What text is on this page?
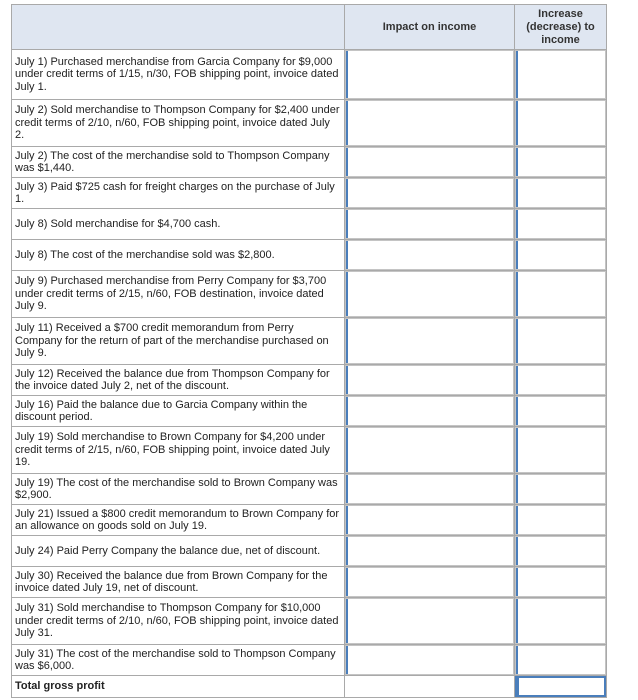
	Impact on income	Increase (decrease) to income
July 1) Purchased merchandise from Garcia Company for $9,000 under credit terms of 1/15, n/30, FOB shipping point, invoice dated July 1.	

July 2) Sold merchandise to Thompson Company for $2,400 under credit terms of 2/10, n/60, FOB shipping point, invoice dated July 2.	

July 2) The cost of the merchandise sold to Thompson Company was $1,440.	

July 3) Paid $725 cash for freight charges on the purchase of July 1.	

July 8) Sold merchandise for $4,700 cash.	

July 8) The cost of the merchandise sold was $2,800.	

July 9) Purchased merchandise from Perry Company for $3,700 under credit terms of 2/15, n/60, FOB destination, invoice dated July 9.	

July 11) Received a $700 credit memorandum from Perry Company for the return of part of the merchandise purchased on July 9.	

July 12) Received the balance due from Thompson Company for the invoice dated July 2, net of the discount.	

July 16) Paid the balance due to Garcia Company within the discount period.	

July 19) Sold merchandise to Brown Company for $4,200 under credit terms of 2/15, n/60, FOB shipping point, invoice dated July 19.	

July 19) The cost of the merchandise sold to Brown Company was $2,900.	

July 21) Issued a $800 credit memorandum to Brown Company for an allowance on goods sold on July 19.	

July 24) Paid Perry Company the balance due, net of discount.	

July 30) Received the balance due from Brown Company for the invoice dated July 19, net of discount.	

July 31) Sold merchandise to Thompson Company for $10,000 under credit terms of 2/10, n/60, FOB shipping point, invoice dated July 31.	

July 31) The cost of the merchandise sold to Thompson Company was $6,000.	

Total gross profit		
